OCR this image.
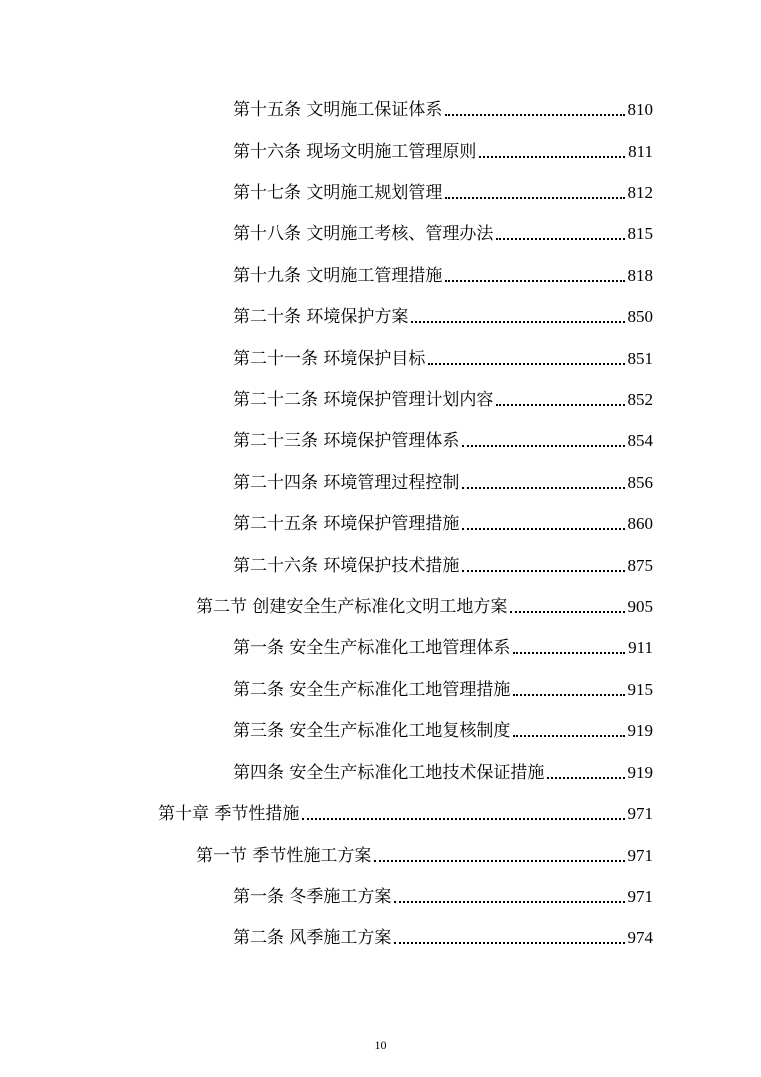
第十五条 文明施工保证体系	810
第十六条 现场文明施工管理原则	811
第十七条 文明施工规划管理	812
第十八条 文明施工考核、管理办法	815
第十九条 文明施工管理措施	818
第二十条 环境保护方案	850
第二十一条 环境保护目标	851
第二十二条 环境保护管理计划内容	852
第二十三条 环境保护管理体系	854
第二十四条 环境管理过程控制	856
第二十五条 环境保护管理措施	860
第二十六条 环境保护技术措施	875
第二节 创建安全生产标准化文明工地方案	905
第一条 安全生产标准化工地管理体系	911
第二条 安全生产标准化工地管理措施	915
第三条 安全生产标准化工地复核制度	919
第四条 安全生产标准化工地技术保证措施	919
第十章 季节性措施	971
第一节 季节性施工方案	971
第一条 冬季施工方案	971
第二条 风季施工方案	974
10
